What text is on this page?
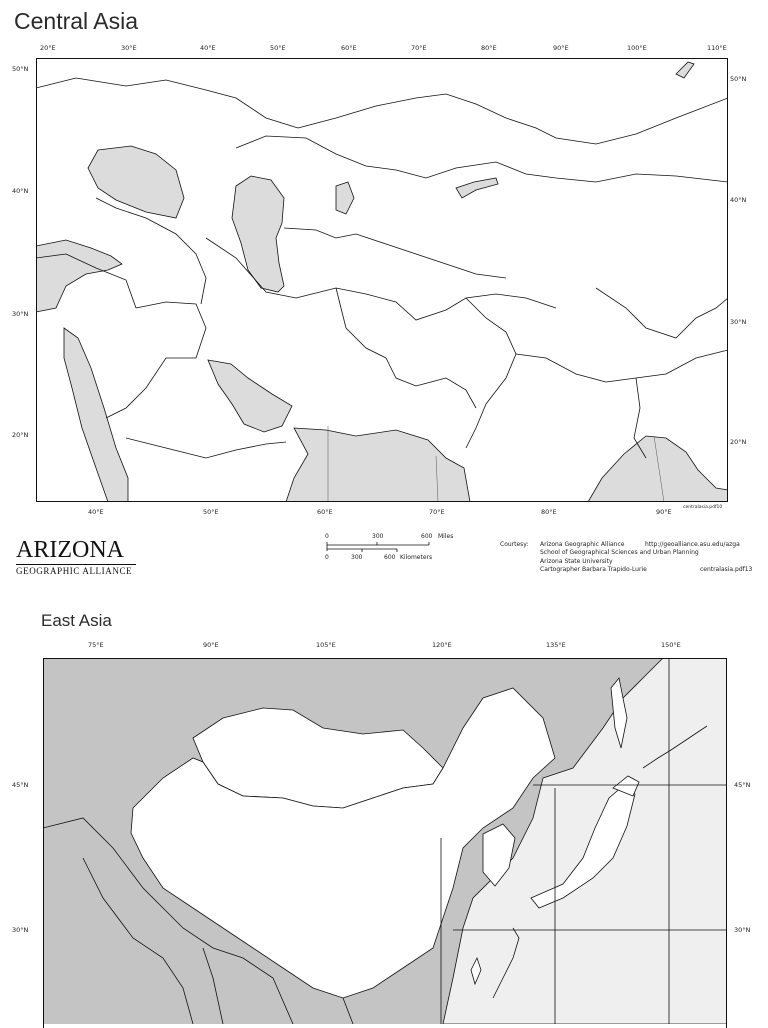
Central Asia
20°E	30°E	40°E	50°E	60°E	70°E	80°E	90°E	100°E	110°E
50°N
40°N
30°N
20°N
50°N
40°N
30°N
20°N
40°E	50°E	60°E	70°E	80°E	90°E
centralasia.pdf10
ARIZONA
GEOGRAPHIC ALLIANCE
0	300	600 Miles
0	300	600 Kilometers
Courtesy: Arizona Geographic Alliance	http://geoalliance.asu.edu/azga
School of Geographical Sciences and Urban Planning
Arizona State University
Cartographer Barbara Trapido-Lurie	centralasia.pdf13
East Asia
75°E	90°E	105°E	120°E	135°E	150°E
45°N
30°N
45°N
30°N
